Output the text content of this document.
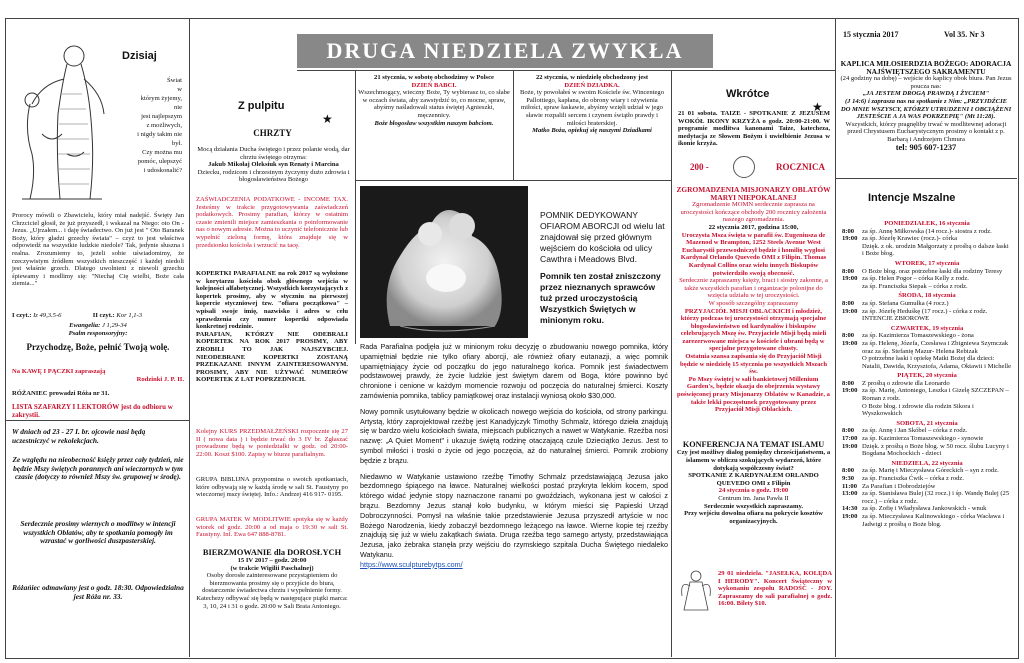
DRUGA NIEDZIELA ZWYKŁA
15 stycznia 2017	Vol 35. Nr 3
Dzisiaj
Świat
w
którym żyjemy,
nie
jest najlepszym
z możliwych,
i nigdy takim nie
był.
Czy można mu
pomóc, ulepszyć
i udoskonalić?
Prorocy mówili o Zbawicielu, który miał nadejść. Święty Jan Chrzciciel głosił, że już przyszedł, i wskazał na Niego: oto On - Jezus. „Ujrzałem... i daję świadectwo. On już jest " Oto Baranek Boży, który gładzi grzechy świata" – czyż to jest właściwa odpowiedź na wszystkie ludzkie niedole? Tak, jedynie słuszna i realna. Zrozumiemy to, jeżeli sobie uświadomimy, że rzeczywistym źródłem wszystkich nieszczęść i każdej niedoli jest właśnie grzech. Dlatego uwolnieni z niewoli grzechu śpiewamy i modlimy się: "Niechaj Cię wielbi, Boże cała ziemia..."
I czyt.: Iz 49,3.5-6	II czyt.: Kor 1,1-3
Ewangelia: J 1,29-34
Psalm responsoryjny:
Przychodzę, Boże, pełnić Twoją wolę.
Na KAWĘ I PĄCZKI zapraszają

Rodzinki J. P. II.
RÓŻANIEC prowadzi Róża nr 31.
LISTA SZAFARZY I LEKTORÓW jest do odbioru w zakrystii.
W dniach od 23 - 27 I. br. ojcowie nasi będą uczestniczyć w rekolekcjach.
Ze względu na nieobecność księży przez cały tydzień, nie będzie Mszy świętych porannych ani wieczornych w tym czasie (dotyczy to również Mszy św. grupowej w środę).
Serdecznie prosimy wiernych o modlitwy w intencji wszystkich Oblatów, aby te spotkania pomogły im wzrastać w gorliwości duszpasterskiej.
Różańiec odmawiany jest o godz. 18:30. Odpowiedzialna jest Róża nr. 33.
Z pulpitu
★
CHRZTY
Mocą działania Ducha świętego i przez polanie wodą, dar chrztu świętego otrzyma:
Jakub Mikołaj Oleksiuk syn Renaty i Marcina
Dziecku, rodzicom i chrzestnym życzymy dużo zdrowia i błogosławieństwa Bożego
ZAŚWIADCZENIA PODATKOWE - INCOME TAX. Jesteśmy w trakcie przygotowywania zaświadczeń podatkowych. Prosimy parafian, którzy w ostatnim czasie zmienili miejsce zamieszkania o poinformowanie nas o nowym adresie. Można to uczynić telefonicznie lub wypełnić zieloną formę, która znajduje się w przedsionku kościoła i wrzucić na tacę.
KOPERTKI PARAFIALNE na rok 2017 są wyłożone w korytarzu kościoła obok głównego wejścia w kolejności alfabetycznej. Wszystkich korzystających z kopertek prosimy, aby w styczniu na pierwszej kopercie styczniowej tzw. "ofiara początkowa" – wpisali swoje imię, nazwisko i adres w celu sprawdzenia czy numer kopertki odpowiada konkretnej rodzinie.
PARAFIAN, KTÓRZY NIE ODEBRALI KOPERTEK NA ROK 2017 PROSIMY, ABY ZROBILI TO JAK NAJSZYBCIEJ. NIEODEBRANE KOPERTKI ZOSTANĄ PRZEKAZANE INNYM ZAINTERESOWANYM. PROSIMY, ABY NIE UŻYWAĆ NUMERÓW KOPERTEK Z LAT POPRZEDNICH.
Kolejny KURS PRZEDMAŁŻEŃSKI rozpocznie się 27 II ( nowa data ) i będzie trwać do 3 IV br. Zgłaszać prowadzone będą w poniedziałki w godz. od 20:00-22:00. Koszt $100. Zapisy w biurze parafialnym.
GRUPA BIBLIJNA przypomina o swoich spotkaniach, które odbywają się w każdą środę w sali St. Faustyny po wieczornej mszy świętej. Info.: Andrzej 416 917- 0195.
GRUPA MATEK W MODLITWIE spotyka się w każdy wtorek od godz. 20:00 a od maja o 19:30 w sali St. Faustyny. Inf. Ewa 647 888-8781.
BIERZMOWANIE dla DOROSŁYCH
15 IV 2017 – godz. 20:00
(w trakcie Wigilii Paschalnej)
Osoby dorosłe zainteresowane przystąpieniem do bierzmowania prosimy się o przyjście do biura, dostarczenie świadectwa chrztu i wypełnienie formy. Katechezy odbywać się będą w następujące piątki marca: 3, 10, 24 i 31 o godz. 20:00 w Sali Brata Antoniego.
21 stycznia, w sobotę obchodzimy w Polsce
DZIEŃ BABCI.
Wszechmogący, wieczny Boże, Ty wybierasz to, co słabe w oczach świata, aby zawstydzić to, co mocne, spraw, abyśmy naśladowali status świętej Agnieszki, męczennicy.
Boże błogosław wszystkim naszym babciom.
22 stycznia, w niedzielę obchodzony jest
DZIEŃ DZIADKA.
Boże, ty powołałeś w swoim Kościele św. Wincentego Pallottiego, kapłana, do obrony wiary i ożywienia miłości, spraw łaskawie, abyśmy wzięli udział w jego sławie rozpalili sercem i czynem świątło prawdy i miłości braterskiej.
Matko Boża, opiekuj się naszymi Dziadkami
POMNIK DEDYKOWANY OFIAROM ABORCJI od wielu lat znajdował się przed głównym wejściem do kościoła od ulicy Cawthra i Meadows Blvd.
Pomnik ten został zniszczony przez nieznanych sprawców tuż przed uroczystością Wszystkich Świętych w minionym roku.
Rada Parafialna podjęła już w minionym roku decyzję o zbudowaniu nowego pomnika, który upamiętniał będzie nie tylko ofiary aborcji, ale również ofiary eutanazji, a więc pomnik upamiętniający życie od początku do jego naturalnego końca. Pomnik jest świadectwem podstawowej prawdy, że życie ludzkie jest świętym darem od Boga, które powinno być chronione i cenione w każdym momencie rozwoju od poczęcia do naturalnej śmierci. Koszty zamówienia pomnika, tablicy pamiątkowej oraz instalacji wyniosą około $30,000.
Nowy pomnik usytułowany będzie w okolicach nowego wejścia do kościoła, od strony parkingu. Artystą, który zaprojektował rzeźbę jest Kanadyjczyk Timothy Schmalz, którego dzieła znajdują się w bardzo wielu kościołach świata, miejscach publicznych a nawet w Watykanie. Rzeźba nosi nazwę: „A Quiet Moment" i ukazuje świętą rodzinę otaczającą czule Dzieciątko Jezus. Jest to symbol miłości i troski o życie od jego poczęcia, aż do naturalnej śmierci. Pomnik zrobiony będzie z brązu.
Niedawno w Watykanie ustawiono rzeźbę Timothy Schmalz przedstawiającą Jezusa jako bezdomnego śpiącego na ławce. Naturalnej wielkości postać przykryta lekkim kocem, spod którego widać jedynie stopy naznaczone ranami po gwoździach, wykonana jest w całości z brązu. Bezdomny Jezus stanął koło budynku, w którym mieści się Papieski Urząd Dobroczynności. Pomysł na właśnie takie przedstawienie Jezusa przyszedł artyście w noc Bożego Narodzenia, kiedy zobaczył bezdomnego leżącego na ławce. Wierne kopie tej rzeźby znajdują się już w wielu zakątkach świata. Druga rzeźba tego samego artysty, przedstawiająca Jezusa, jako żebraka stanęła przy wejściu do rzymskiego szpitala Ducha Świętego niedaleko Watykanu.
https://www.sculpturebytps.com/
Wkrótce
★
21 01 sobota. TAIZE - SPOTKANIE Z JEZUSEM WOKÓŁ IKONY KRZYŻA o godz. 20:00-21:00. W programie modlitwa kanonami Taize, katecheza, medytacja ze Słowem Bożym i uwielbienie Jezusa w ikonie krzyża.
200 -	ROCZNICA
ZGROMADZENIA MISJONARZY OBLATÓW MARYI NIEPOKALANEJ
Zgromadzenie MOMN serdecznie zaprasza na uroczystości kończące obchody 200 rocznicy założenia naszego zgromadzenia.
22 stycznia 2017, godzina 15:00,
Uroczysta Msza święta w parafii św. Eugeniusza de Mazenod w Brampton, 1252 Steels Avenue West
Eucharystii przewodniczył będzie i homilię wygłosi Kardynał Orlando Quevedo OMI z Filipin. Thomas Kardynał Collins oraz wielu innych Biskupów potwierdziło swoją obecność.
Serdecznie zapraszamy księży, braci i siostry zakonne, a także wszystkich parafian i organizacje polonijne do wzięcia udziału w tej uroczystości.
W sposób szczególny zapraszamy
PRZYJACIÓŁ MISJI OBLACKICH i młodzież, którzy podczas tej uroczystości otrzymają specjalne błogosławieństwo od kardynałów i biskupów celebrujących Mszę św. Przyjaciele Misji będą mieli zarezerwowane miejsca w kościele i ubrani będą w specjalne przygotowane chusty.
Ostatnia szansa zapisania się do Przyjaciół Misji będzie w niedzielę 15 stycznia po wszystkich Mszach św.
Po Mszy świętej w sali bankietowej Millenium Garden's, będzie okazja do obejrzenia wystawy poświęconej pracy Misjonarzy Oblatów w Kanadzie, a także lekki poczęstunek przygotowany przez Przyjaciół Misji Oblackich.
KONFERENCJA NA TEMAT ISLAMU
Czy jest możliwy dialog pomiędzy chrześcijaństwem, a islamem w obliczu szokujących wydarzeń, które dotykają współczesny świat?
SPOTKANIE Z KARDYNAŁEM ORLANDO QUEVEDO OMI z Filipin
24 stycznia o godz. 19:00
Centrum im. Jana Pawła II
Serdecznie wszystkich zapraszamy.
Przy wejściu dowolna ofiara na pokrycie kosztów organizacyjnych.
29 01 niedziela. "JASEŁKA, KOLĘDA I HERODY". Koncert Świąteczny w wykonaniu zespołu RADOŚĆ - JOY. Zapraszamy do sali parafialnej o godz. 16:00. Bilety $10.
KAPLICA MIŁOSIERDZIA BOŻEGO: ADORACJA NAJŚWIĘTSZEGO SAKRAMENTU
(24 godziny na dobę) – wejście do kaplicy obok biura. Pan Jezus poucza nas:
„JA JESTEM DROGĄ PRAWDĄ I ŻYCIEM"
(J 14:6) i zaprasza nas na spotkanie z Nim: „PRZYJDŹCIE DO MNIE WSZYSCY, KTÓRZY UTRUDZENI I OBCIĄŻENI JESTEŚCIE A JA WAS POKRZEPIĘ" (Mt 11:28).
Wszystkich, którzy pragnęliby trwać w modlitewnej adoracji przed Chrystusem Eucharystycznym prosimy o kontakt z p. Barbarą i Andrzejem Chmura
tel: 905 607-1237
Intencje Mszalne
PONIEDZIAŁEK, 16 stycznia
8:00	za śp. Annę Miłkowska (14 rocz.)- siostra z rodz.
19:00 za śp. Józefę Krawiec (rocz.)- córka
Dzięk. z ok. urodzin Małgorzaty z prośbą o dalsze łaski i Boże błog.
WTOREK, 17 stycznia
8:00	O Boże błog. oraz potrzebne łaski dla rodziny Teresy
19:00 za śp. Helen Pogor – córka Kelly z rodz.
za śp. Franciszka Siepak – córka z rodz.
ŚRODA, 18 stycznia
8:00	za śp. Stefana Gumułka (4 rocz.)
19:00 za śp. Józefę Heduśkę (17 rocz.) - córka z rodz.
INTENCJE ZBIOROWE
CZWARTEK, 19 stycznia
8:00	za śp. Kazimierza Tomaszewskiego - żona
19:00 za śp. Helenę, Józefa, Czesława i Zbigniewa Szymczak oraz za śp. Stefanię Mazur- Helena Rebizak
O potrzebne łaski i opiekę Matki Bożej dla dzieci: Natalii, Dawida, Krzysztofa, Adama, Oktawii i Michelle
PIĄTEK, 20 stycznia
8:00	Z prośbą o zdrowie dla Leonardo
19:00 za śp. Marię, Antoniego, Leszka i Gizelę SZCZEPAN – Roman z rodz.
O Boże błog. i zdrowie dla rodzin Sikora i Wyszkowskich
SOBOTA, 21 stycznia
8:00	za śp. Annę i Jan Skóbel – córka z rodz.
17:00 za śp. Kazimierza Tomaszewskiego - synowie
19:00 Dzięk. z prośbą o Boże błog. w 50 rocz. ślubu Lucyny i Bogdana Mochockich - dzieci
NIEDZIELA, 22 stycznia
8:00	za śp. Marię i Mieczysława Góreckich – syn z rodz.
9:30	za śp. Franciszka Ćwik – córka z rodz.
11:00 Za Parafian i Dobrodziejów
13:00 za śp. Stanisława Bulej (32 rocz.) i śp. Wandę Bulej (25 rocz.) – córka z rodz.
14:30 za śp. Zofię i Władysława Jankowskich - wnuk
19:00 za śp. Mieczysława Kalinowskiego - córka Wacława i Jadwigi z prośbą o Boże błog.
